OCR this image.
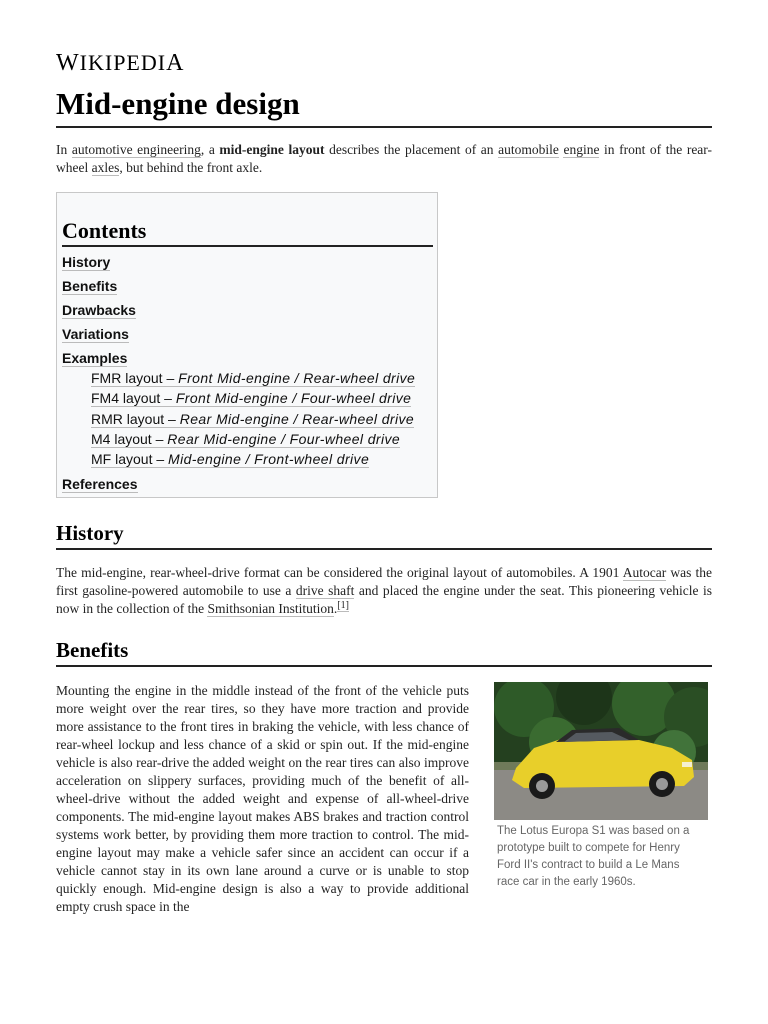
WIKIPEDIA
Mid-engine design

In automotive engineering, a mid-engine layout describes the placement of an automobile engine in front of the rear-wheel axles, but behind the front axle.

Contents
History
Benefits
Drawbacks
Variations
Examples
FMR layout – Front Mid-engine / Rear-wheel drive
FM4 layout – Front Mid-engine / Four-wheel drive
RMR layout – Rear Mid-engine / Rear-wheel drive
M4 layout – Rear Mid-engine / Four-wheel drive
MF layout – Mid-engine / Front-wheel drive
References
History

The mid-engine, rear-wheel-drive format can be considered the original layout of automobiles. A 1901 Autocar was the first gasoline-powered automobile to use a drive shaft and placed the engine under the seat. This pioneering vehicle is now in the collection of the Smithsonian Institution.[1]

Benefits

Mounting the engine in the middle instead of the front of the vehicle puts more weight over the rear tires, so they have more traction and provide more assistance to the front tires in braking the vehicle, with less chance of rear-wheel lockup and less chance of a skid or spin out. If the mid-engine vehicle is also rear-drive the added weight on the rear tires can also improve acceleration on slippery surfaces, providing much of the benefit of all-wheel-drive without the added weight and expense of all-wheel-drive components. The mid-engine layout makes ABS brakes and traction control systems work better, by providing them more traction to control. The mid-engine layout may make a vehicle safer since an accident can occur if a vehicle cannot stay in its own lane around a curve or is unable to stop quickly enough. Mid-engine design is also a way to provide additional empty crush space in the

The Lotus Europa S1 was based on a prototype built to compete for Henry Ford II's contract to build a Le Mans race car in the early 1960s.
